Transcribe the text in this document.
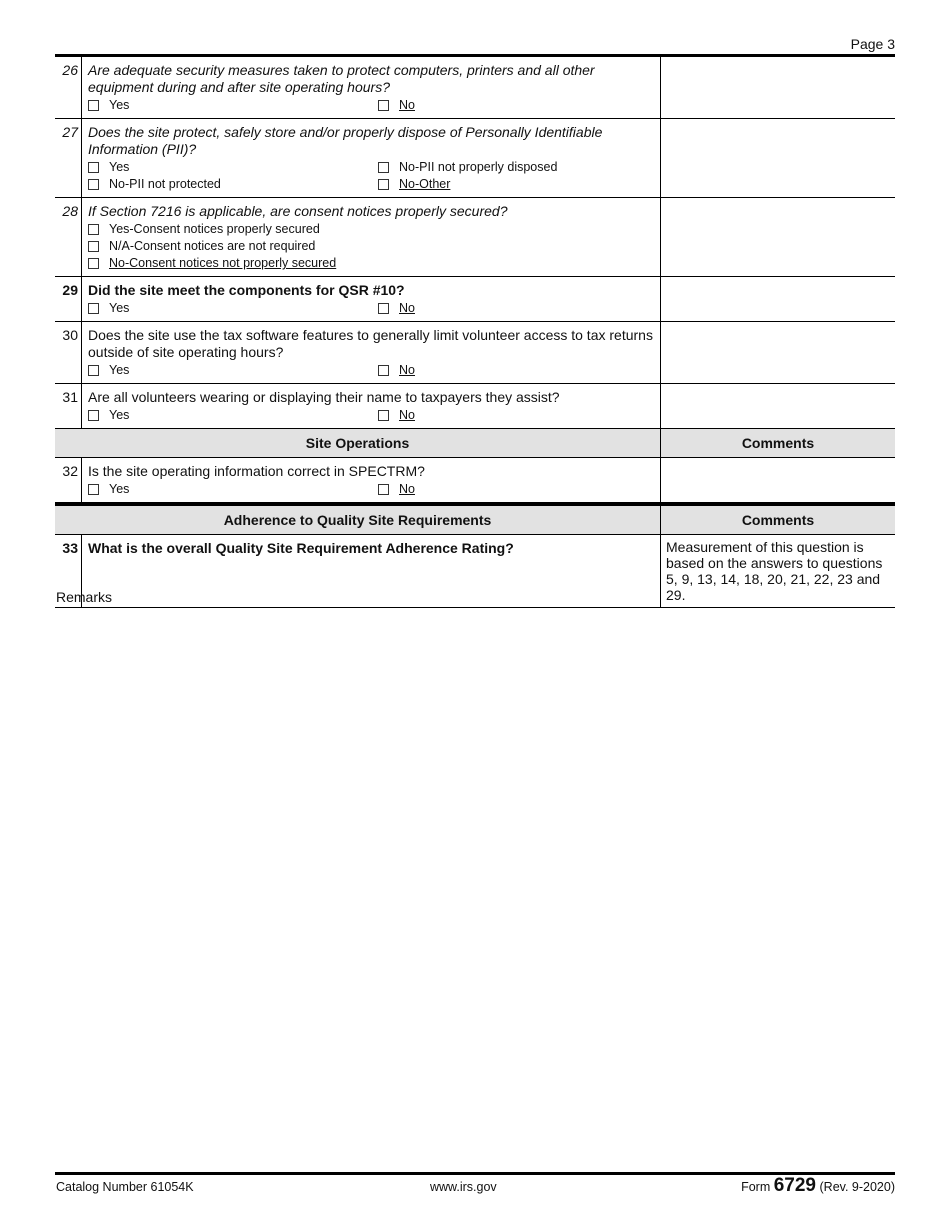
Page 3
26	Are adequate security measures taken to protect computers, printers and all other equipment during and after site operating hours?
Yes No	

27	Does the site protect, safely store and/or properly dispose of Personally Identifiable Information (PII)?
Yes No-PII not properly disposed
No-PII not protected No-Other	

28	If Section 7216 is applicable, are consent notices properly secured?
Yes-Consent notices properly secured
N/A-Consent notices are not required
No-Consent notices not properly secured	

29	Did the site meet the components for QSR #10?
Yes No	

30	Does the site use the tax software features to generally limit volunteer access to tax returns outside of site operating hours?
Yes No	

31	Are all volunteers wearing or displaying their name to taxpayers they assist?
Yes No	

Site Operations		Comments
32	Is the site operating information correct in SPECTRM?
Yes No	

Adherence to Quality Site Requirements		Comments
33	What is the overall Quality Site Requirement Adherence Rating?	Measurement of this question is based on the answers to questions 5, 9, 13, 14, 18, 20, 21, 22, 23 and 29.
Remarks
Catalog Number 61054K	www.irs.gov	Form 6729 (Rev. 9-2020)
